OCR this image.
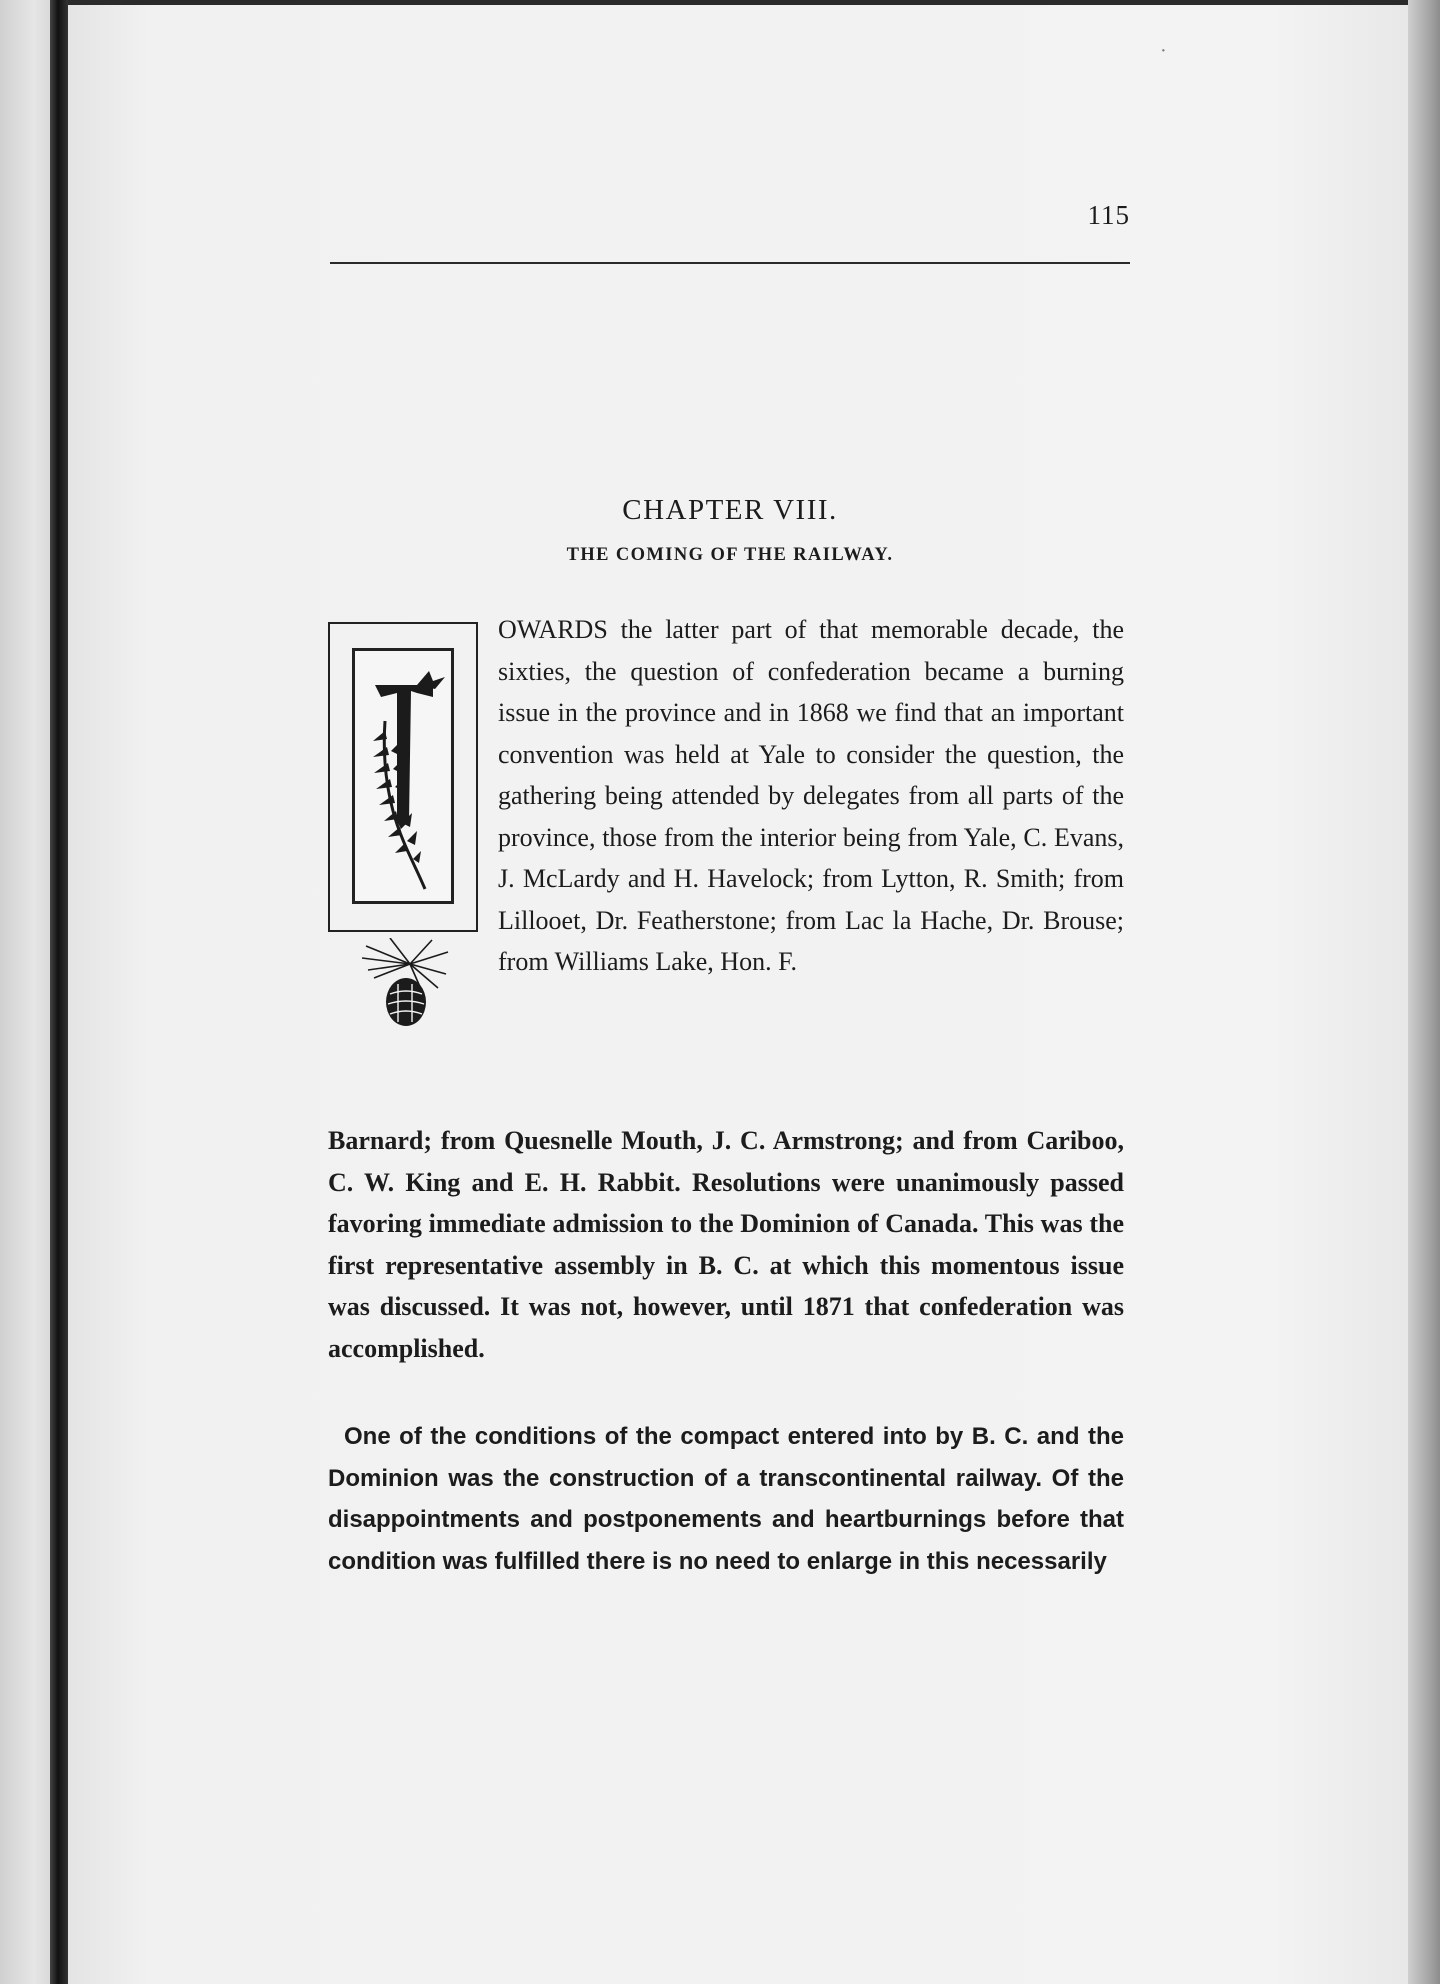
·
115
CHAPTER VIII.
THE COMING OF THE RAILWAY.
OWARDS the latter part of that memorable decade, the sixties, the question of confederation became a burning issue in the province and in 1868 we find that an important convention was held at Yale to consider the question, the gathering being attended by delegates from all parts of the province, those from the interior being from Yale, C. Evans, J. McLardy and H. Havelock; from Lytton, R. Smith; from Lillooet, Dr. Featherstone; from Lac la Hache, Dr. Brouse; from Williams Lake, Hon. F.
Barnard; from Quesnelle Mouth, J. C. Armstrong; and from Cariboo, C. W. King and E. H. Rabbit. Resolutions were unanimously passed favoring immediate admission to the Dominion of Canada. This was the first representative assembly in B. C. at which this momentous issue was discussed. It was not, however, until 1871 that confederation was accomplished.
One of the conditions of the compact entered into by B. C. and the Dominion was the construction of a transcontinental railway. Of the disappointments and postponements and heartburnings before that condition was fulfilled there is no need to enlarge in this necessarily
